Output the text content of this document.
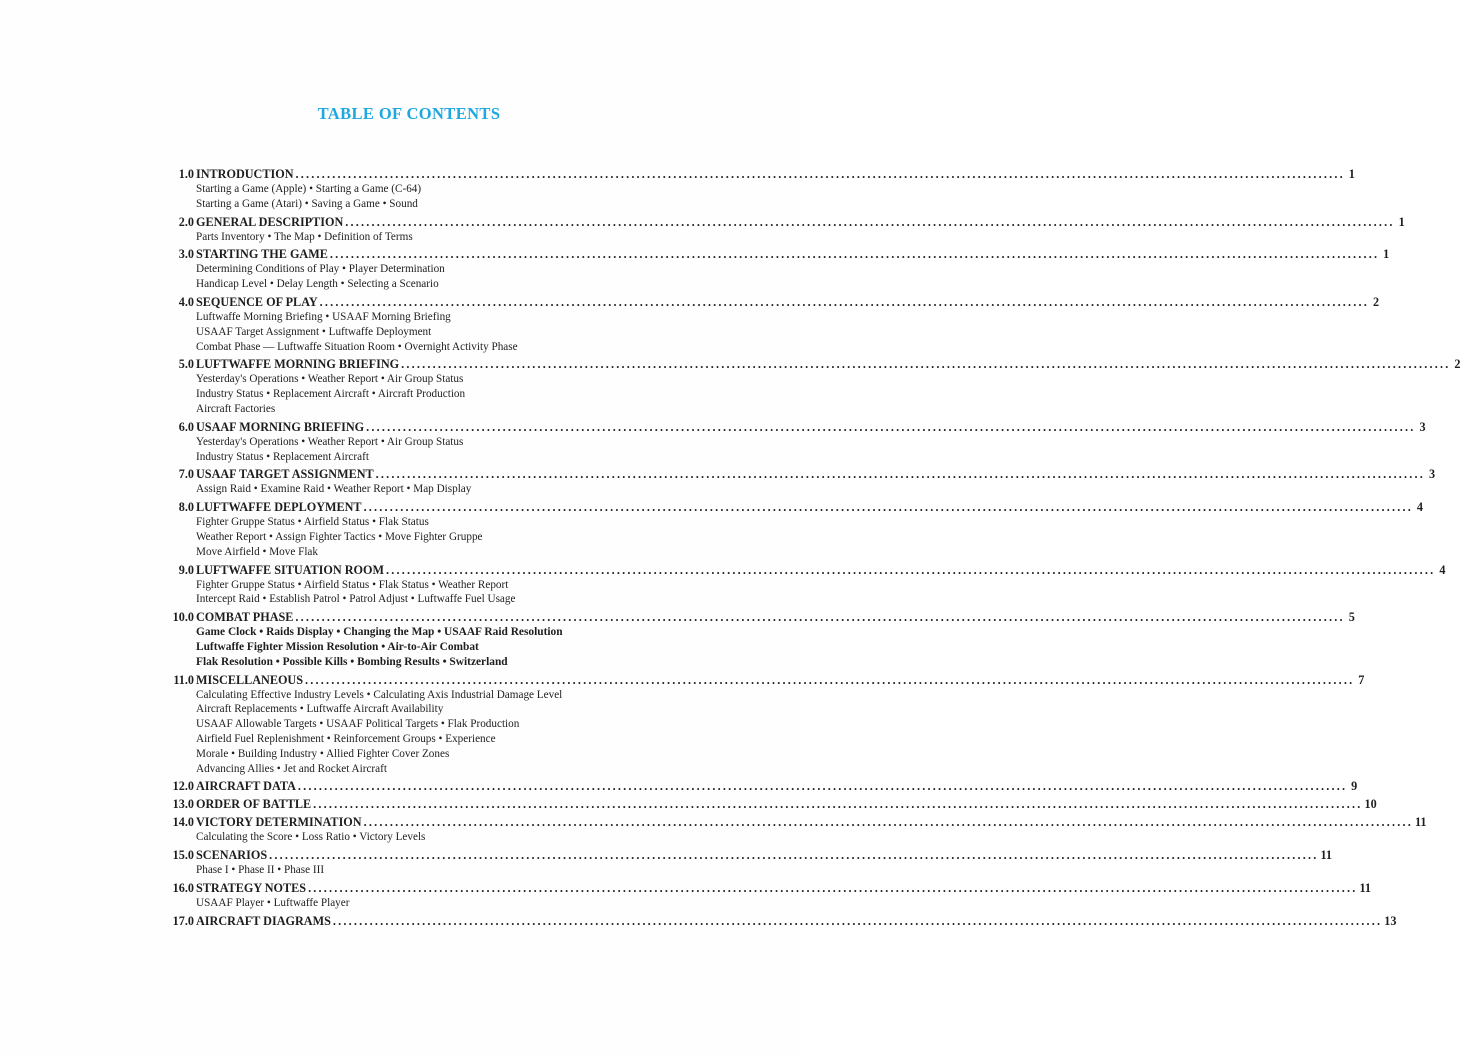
TABLE OF CONTENTS
1.0 INTRODUCTION ........................................................................................................................................................................................................ 1
Starting a Game (Apple) • Starting a Game (C-64)
Starting a Game (Atari) • Saving a Game • Sound
2.0 GENERAL DESCRIPTION ........................................................................................................................................................................................................ 1
Parts Inventory • The Map • Definition of Terms
3.0 STARTING THE GAME ........................................................................................................................................................................................................ 1
Determining Conditions of Play • Player Determination
Handicap Level • Delay Length • Selecting a Scenario
4.0 SEQUENCE OF PLAY ........................................................................................................................................................................................................ 2
Luftwaffe Morning Briefing • USAAF Morning Briefing
USAAF Target Assignment • Luftwaffe Deployment
Combat Phase — Luftwaffe Situation Room • Overnight Activity Phase
5.0 LUFTWAFFE MORNING BRIEFING ........................................................................................................................................................................................................ 2
Yesterday's Operations • Weather Report • Air Group Status
Industry Status • Replacement Aircraft • Aircraft Production
Aircraft Factories
6.0 USAAF MORNING BRIEFING ........................................................................................................................................................................................................ 3
Yesterday's Operations • Weather Report • Air Group Status
Industry Status • Replacement Aircraft
7.0 USAAF TARGET ASSIGNMENT ........................................................................................................................................................................................................ 3
Assign Raid • Examine Raid • Weather Report • Map Display
8.0 LUFTWAFFE DEPLOYMENT ........................................................................................................................................................................................................ 4
Fighter Gruppe Status • Airfield Status • Flak Status
Weather Report • Assign Fighter Tactics • Move Fighter Gruppe
Move Airfield • Move Flak
9.0 LUFTWAFFE SITUATION ROOM ........................................................................................................................................................................................................ 4
Fighter Gruppe Status • Airfield Status • Flak Status • Weather Report
Intercept Raid • Establish Patrol • Patrol Adjust • Luftwaffe Fuel Usage
10.0 COMBAT PHASE ........................................................................................................................................................................................................ 5
Game Clock • Raids Display • Changing the Map • USAAF Raid Resolution
Luftwaffe Fighter Mission Resolution • Air-to-Air Combat
Flak Resolution • Possible Kills • Bombing Results • Switzerland
11.0 MISCELLANEOUS ........................................................................................................................................................................................................ 7
Calculating Effective Industry Levels • Calculating Axis Industrial Damage Level
Aircraft Replacements • Luftwaffe Aircraft Availability
USAAF Allowable Targets • USAAF Political Targets • Flak Production
Airfield Fuel Replenishment • Reinforcement Groups • Experience
Morale • Building Industry • Allied Fighter Cover Zones
Advancing Allies • Jet and Rocket Aircraft
12.0 AIRCRAFT DATA ........................................................................................................................................................................................................ 9
13.0 ORDER OF BATTLE ........................................................................................................................................................................................................ 10
14.0 VICTORY DETERMINATION ........................................................................................................................................................................................................ 11
Calculating the Score • Loss Ratio • Victory Levels
15.0 SCENARIOS ........................................................................................................................................................................................................ 11
Phase I • Phase II • Phase III
16.0 STRATEGY NOTES ........................................................................................................................................................................................................ 11
USAAF Player • Luftwaffe Player
17.0 AIRCRAFT DIAGRAMS ........................................................................................................................................................................................................ 13
